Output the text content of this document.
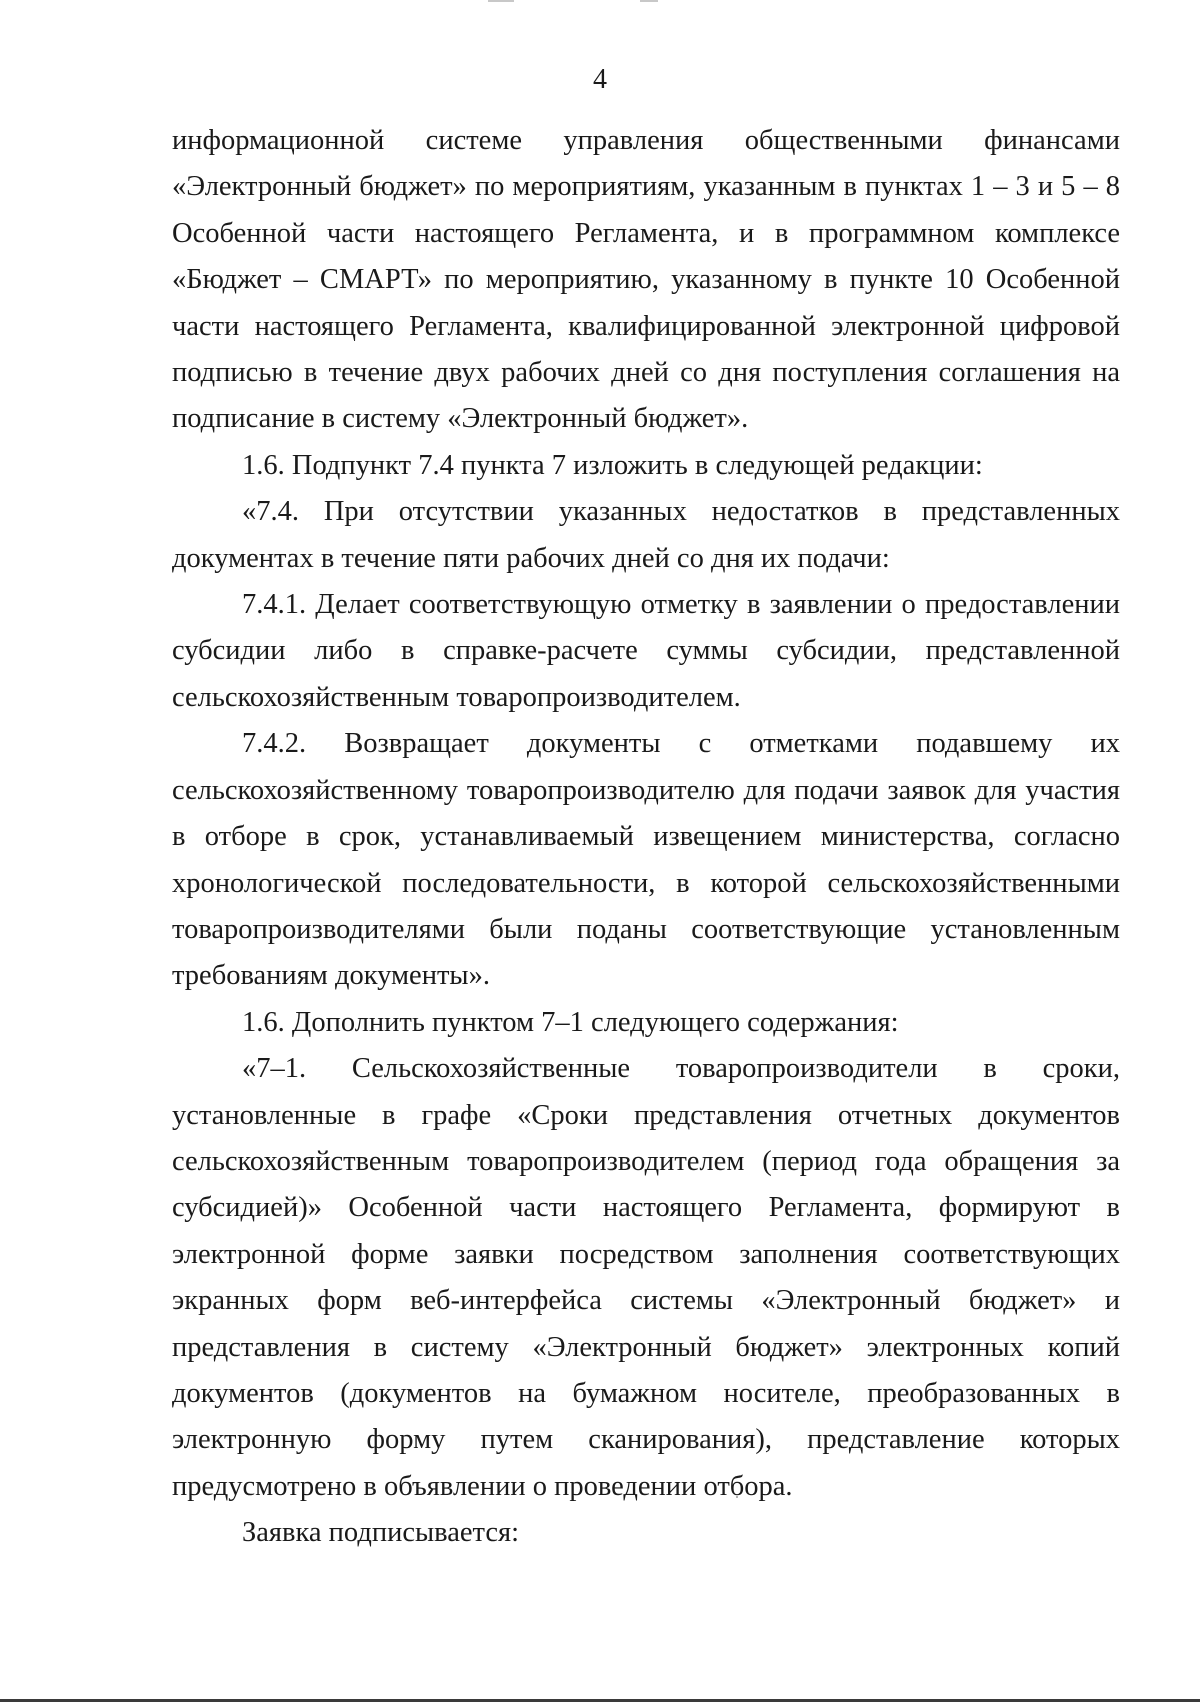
4

информационной системе управления общественными финансами «Электронный бюджет» по мероприятиям, указанным в пунктах 1 – 3 и 5 – 8 Особенной части настоящего Регламента, и в программном комплексе «Бюджет – СМАРТ» по мероприятию, указанному в пункте 10 Особенной части настоящего Регламента, квалифицированной электронной цифровой подписью в течение двух рабочих дней со дня поступления соглашения на подписание в систему «Электронный бюджет».

1.6. Подпункт 7.4 пункта 7 изложить в следующей редакции:

«7.4. При отсутствии указанных недостатков в представленных документах в течение пяти рабочих дней со дня их подачи:

7.4.1. Делает соответствующую отметку в заявлении о предоставлении субсидии либо в справке-расчете суммы субсидии, представленной сельскохозяйственным товаропроизводителем.

7.4.2. Возвращает документы с отметками подавшему их сельскохозяйственному товаропроизводителю для подачи заявок для участия в отборе в срок, устанавливаемый извещением министерства, согласно хронологической последовательности, в которой сельскохозяйственными товаропроизводителями были поданы соответствующие установленным требованиям документы».

1.6. Дополнить пунктом 7–1 следующего содержания:

«7–1. Сельскохозяйственные товаропроизводители в сроки, установленные в графе «Сроки представления отчетных документов сельскохозяйственным товаропроизводителем (период года обращения за субсидией)» Особенной части настоящего Регламента, формируют в электронной форме заявки посредством заполнения соответствующих экранных форм веб-интерфейса системы «Электронный бюджет» и представления в систему «Электронный бюджет» электронных копий документов (документов на бумажном носителе, преобразованных в электронную форму путем сканирования), представление которых предусмотрено в объявлении о проведении отбора.

Заявка подписывается:
